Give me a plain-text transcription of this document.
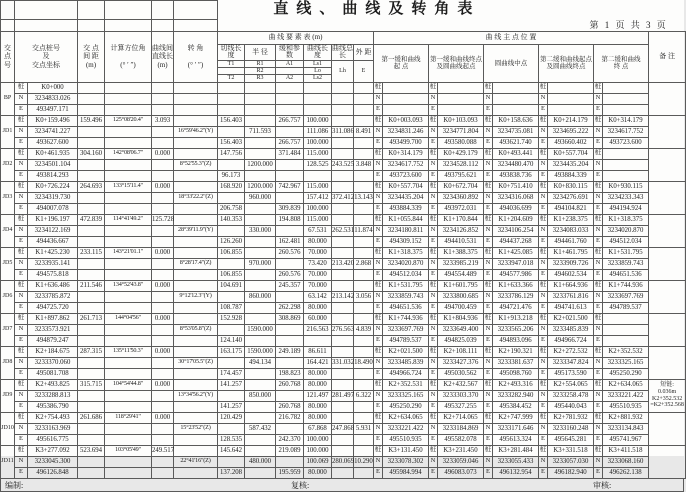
							直线、曲线及转角表																
							第 1 页 共 3 页																
交
点
号	交点桩号
及
交点坐标		交 点
间 距
(m)	计算方位角

(° ′ ″)	曲线间
直线长
(m)	转 角

(° ′ ″)	曲 线 要 素 表 (m)						曲 线 主 点 位 置										备 注
							切线长度	半 径	缓和参数	曲线长度	曲线总长	外 距	第一缓和曲线
起 点		第一缓和曲线终点
及圆曲线起点		圆曲线中点		第二缓和曲线起点
及圆曲线终点		第二缓和曲线
终 点		
							T1	R1	A1	Ls1	Lh	E											
								R2		Lo													
							T2	R3	A2	Ls2													
BP	桩	K0+000											桩		桩		桩		桩		桩		
	N	3234833.026											N		N		N		N		N		
	E	493497.171											E		E		E		E		E		
JD1	桩	K0+159.496	159.496	125°08'20.4"	3.093		156.403		266.757	100.000			桩	K0+003.093	桩	K0+103.093	桩	K0+158.636	桩	K0+214.179	桩	K0+314.179	
	N	3234741.227				16°59'46.2"(Y)		711.593		111.086	311.086	8.491	N	3234831.246	N	3234771.804	N	3234735.081	N	3234695.222	N	3234617.752	
	E	493627.600					156.403		266.757	100.000			E	493499.700	E	493580.088	E	493621.740	E	493660.402	E	493723.600	
JD2	桩	K0+461.935	304.160	142°08'06.7"	0.000		147.756		371.484	115.000			桩	K0+314.179	桩	K0+429.179	桩	K0+493.441	桩	K0+557.704	桩		
	N	3234501.104				8°52'55.3"(Z)		1200.000		128.525	243.525	3.848	N	3234617.752	N	3234528.112	N	3234480.470	N	3234435.204	N		
	E	493814.293					96.173						E	493723.600	E	493795.621	E	493838.736	E	493884.339	E		
JD3	桩	K0+726.224	264.693	133°15'11.4"	0.000		168.920	1200.000	742.967	115.000			桩	K0+557.704	桩	K0+672.704	桩	K0+751.410	桩	K0+830.115	桩	K0+930.115	
	N	3234319.730				18°33'22.2"(Z)		960.000		157.412	372.412	13.143	N	3234435.204	N	3234360.892	N	3234316.068	N	3234276.691	N	3234233.343	
	E	494007.078					206.758		309.839	100.000			E	493884.339	E	493972.031	E	494036.699	E	494104.821	E	494194.924	
JD4	桩	K1+196.197	472.839	114°41'49.2"	125.728		140.353		194.808	115.000			桩	K1+055.844	桩	K1+170.844	桩	K1+204.609	桩	K1+238.375	桩	K1+318.375	
	N	3234122.169				28°39'11.9"(Y)		330.000		67.531	262.531	11.874	N	3234180.811	N	3234126.852	N	3234106.254	N	3234083.033	N	3234020.870	
	E	494436.667					126.260		162.481	80.000			E	494309.152	E	494410.531	E	494437.268	E	494461.760	E	494512.034	
JD5	桩	K1+425.230	233.115	143°21'01.1"	0.000		106.855		260.576	70.000			桩	K1+318.375	桩	K1+388.375	桩	K1+425.085	桩	K1+461.795	桩	K1+531.795	
	N	3233935.141				8°28'17.4"(Z)		970.000		73.420	213.420	2.868	N	3234020.870	N	3233985.219	N	3233947.018	N	3233909.726	N	3233859.743	
	E	494575.818					106.855		260.576	70.000			E	494512.034	E	494554.489	E	494577.986	E	494602.534	E	494651.536	
JD6	桩	K1+636.486	211.546	134°52'43.8"	0.000		104.691		245.357	70.000			桩	K1+531.795	桩	K1+601.795	桩	K1+633.366	桩	K1+664.936	桩	K1+744.936	
	N	3233785.872				9°12'12.3"(Y)		860.000		63.142	213.142	3.056	N	3233859.743	N	3233800.685	N	3233786.129	N	3233761.816	N	3233697.769	
	E	494725.720					108.787		262.298	80.000			E	494651.536	E	494700.459	E	494721.476	E	494741.613	E	494789.537	
JD7	桩	K1+897.862	261.713	144°04'56"	0.000		152.928		308.869	60.000			桩	K1+744.936	桩	K1+804.936	桩	K1+913.218	桩	K2+021.500	桩		
	N	3233573.921				8°53'05.8"(Z)		1590.000		216.563	276.563	4.839	N	3233697.769	N	3233649.400	N	3233565.206	N	3233485.839	N		
	E	494879.247					124.140						E	494789.537	E	494825.039	E	494893.096	E	494966.724	E		
JD8	桩	K2+184.675	287.315	135°11'50.3"	0.000		163.175	1590.000	249.189	86.611			桩	K2+021.500	桩	K2+108.111	桩	K2+190.321	桩	K2+272.532	桩	K2+352.532	
	N	3233370.060				30°17'05.5"(Z)		494.134		164.421	331.032	18.490	N	3233485.839	N	3233427.376	N	3233381.637	N	3233347.824	N	3233325.165	
	E	495081.708					174.457		198.823	80.000			E	494966.724	E	495030.562	E	495098.760	E	495173.590	E	495250.290	
JD9	桩	K2+493.825	315.715	104°54'44.8"	0.000		141.257		260.768	80.000			桩	K2+352.531	桩	K2+432.567	桩	K2+493.316	桩	K2+554.065	桩	K2+634.065	短链:
0.036m
K2+352.532
=K2+352.568
	N	3233288.813				13°34'56.2"(Y)		850.000		121.497	281.497	6.322	N	3233325.165	N	3233303.370	N	3233282.940	N	3233258.478	N	3233221.422	
	E	495386.790					141.257		260.768	80.000			E	495250.290	E	495327.255	E	495384.452	E	495440.043	E	495510.935	
JD10	桩	K2+754.493	261.686	118°29'41"	0.000		120.429		216.782	80.000			桩	K2+634.065	桩	K2+714.065	桩	K2+747.999	桩	K2+781.932	桩	K2+881.932	
	N	3233163.969				15°23'52"(Z)		587.432		67.868	247.868	5.931	N	3233221.422	N	3233184.869	N	3233171.646	N	3233160.248	N	3233134.843	
	E	495616.775					128.535		242.370	100.000			E	495510.935	E	495582.078	E	495613.324	E	495645.281	E	495741.967	
JD11	桩	K3+277.092	523.694	103°05'49"	249.517		145.642		219.089	100.000			桩	K3+131.450	桩	K3+231.450	桩	K3+281.484	桩	K3+331.518	桩	K3+411.518	
	N	3233045.300				22°41'16"(Z)		480.000		100.069	280.069	10.290	N	3233078.302	N	3233059.046	N	3233055.433	N	3233057.030	N	3233068.160	
	E	496126.848					137.208		195.959	80.000			E	495984.994	E	496083.073	E	496132.954	E	496182.940	E	496262.138	
编制:	复核:	审核:
